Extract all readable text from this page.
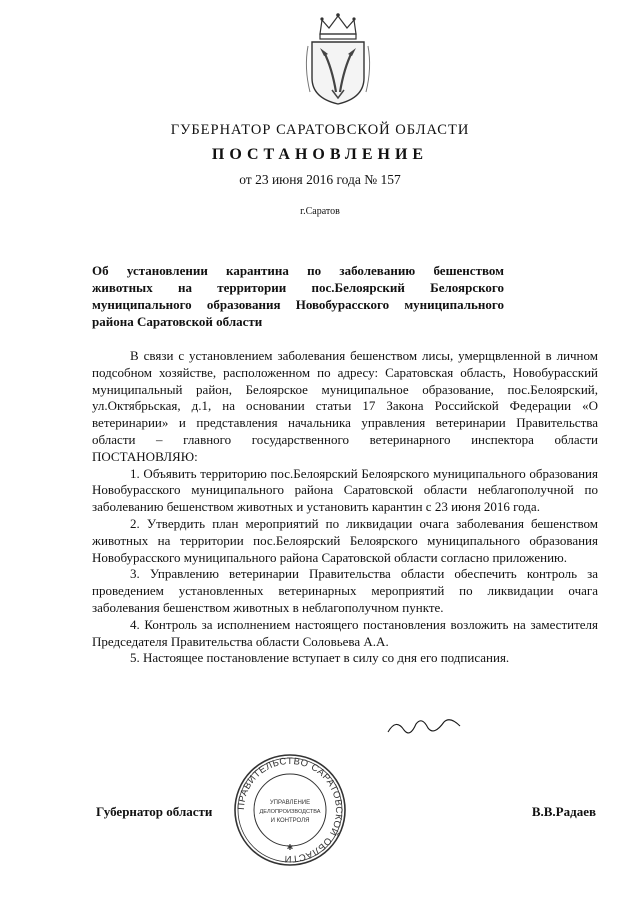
ГУБЕРНАТОР САРАТОВСКОЙ ОБЛАСТИ
ПОСТАНОВЛЕНИЕ
от 23 июня 2016 года № 157
г.Саратов
Об установлении карантина по заболеванию бешенством
животных на территории пос.Белоярский Белоярского
муниципального образования Новобурасского муниципального
района Саратовской области

В связи с установлением заболевания бешенством лисы, умерщвленной в личном подсобном хозяйстве, расположенном по адресу: Саратовская область, Новобурасский муниципальный район, Белоярское муниципальное образование, пос.Белоярский, ул.Октябрьская, д.1, на основании статьи 17 Закона Российской Федерации «О ветеринарии» и представления начальника управления ветеринарии Правительства области – главного государственного ветеринарного инспектора области ПОСТАНОВЛЯЮ:

1. Объявить территорию пос.Белоярский Белоярского муниципального образования Новобурасского муниципального района Саратовской области неблагополучной по заболеванию бешенством животных и установить карантин с 23 июня 2016 года.

2. Утвердить план мероприятий по ликвидации очага заболевания бешенством животных на территории пос.Белоярский Белоярского муниципального образования Новобурасского муниципального района Саратовской области согласно приложению.

3. Управлению ветеринарии Правительства области обеспечить контроль за проведением установленных ветеринарных мероприятий по ликвидации очага заболевания бешенством животных в неблагополучном пункте.

4. Контроль за исполнением настоящего постановления возложить на заместителя Председателя Правительства области Соловьева А.А.

5. Настоящее постановление вступает в силу со дня его подписания.

Губернатор области	В.В.Радаев
ПРАВИТЕЛЬСТВО САРАТОВСКОЙ ОБЛАСТИ
УПРАВЛЕНИЕ
ДЕЛОПРОИЗВОДСТВА
И КОНТРОЛЯ
✱
